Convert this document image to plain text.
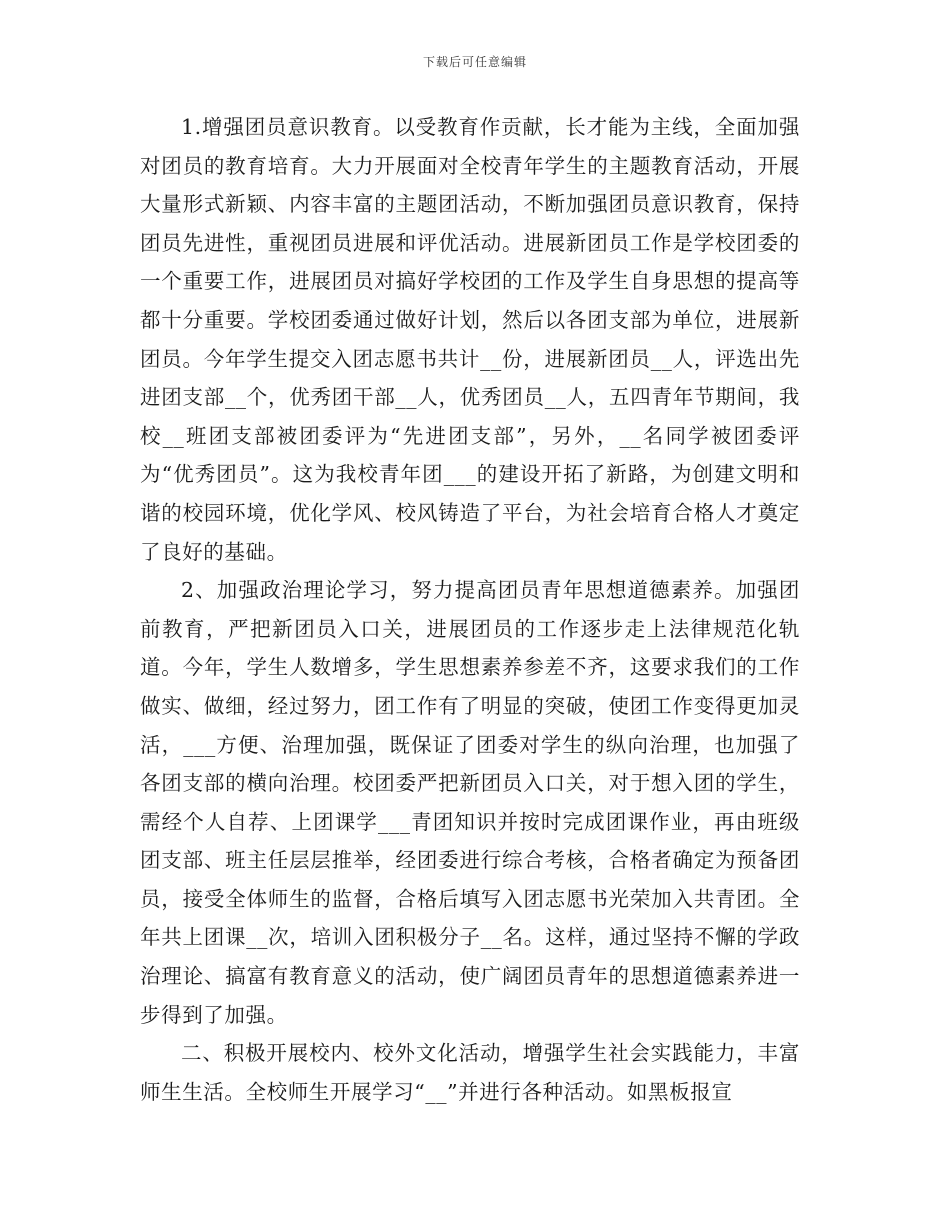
下载后可任意编辑

1.增强团员意识教育。以受教育作贡献，长才能为主线，全面加强对团员的教育培育。大力开展面对全校青年学生的主题教育活动，开展大量形式新颖、内容丰富的主题团活动，不断加强团员意识教育，保持团员先进性，重视团员进展和评优活动。进展新团员工作是学校团委的一个重要工作，进展团员对搞好学校团的工作及学生自身思想的提高等都十分重要。学校团委通过做好计划，然后以各团支部为单位，进展新团员。今年学生提交入团志愿书共计__份，进展新团员__人，评选出先进团支部__个，优秀团干部__人，优秀团员__人，五四青年节期间，我校__班团支部被团委评为“先进团支部”，另外，__名同学被团委评为“优秀团员”。这为我校青年团___的建设开拓了新路，为创建文明和谐的校园环境，优化学风、校风铸造了平台，为社会培育合格人才奠定了良好的基础。

2、加强政治理论学习，努力提高团员青年思想道德素养。加强团前教育，严把新团员入口关，进展团员的工作逐步走上法律规范化轨道。今年，学生人数增多，学生思想素养参差不齐，这要求我们的工作做实、做细，经过努力，团工作有了明显的突破，使团工作变得更加灵活，___方便、治理加强，既保证了团委对学生的纵向治理，也加强了各团支部的横向治理。校团委严把新团员入口关，对于想入团的学生，需经个人自荐、上团课学___青团知识并按时完成团课作业，再由班级团支部、班主任层层推举，经团委进行综合考核，合格者确定为预备团员，接受全体师生的监督，合格后填写入团志愿书光荣加入共青团。全年共上团课__次，培训入团积极分子__名。这样，通过坚持不懈的学政治理论、搞富有教育意义的活动，使广阔团员青年的思想道德素养进一步得到了加强。

二、积极开展校内、校外文化活动，增强学生社会实践能力，丰富师生生活。全校师生开展学习“__”并进行各种活动。如黑板报宣
